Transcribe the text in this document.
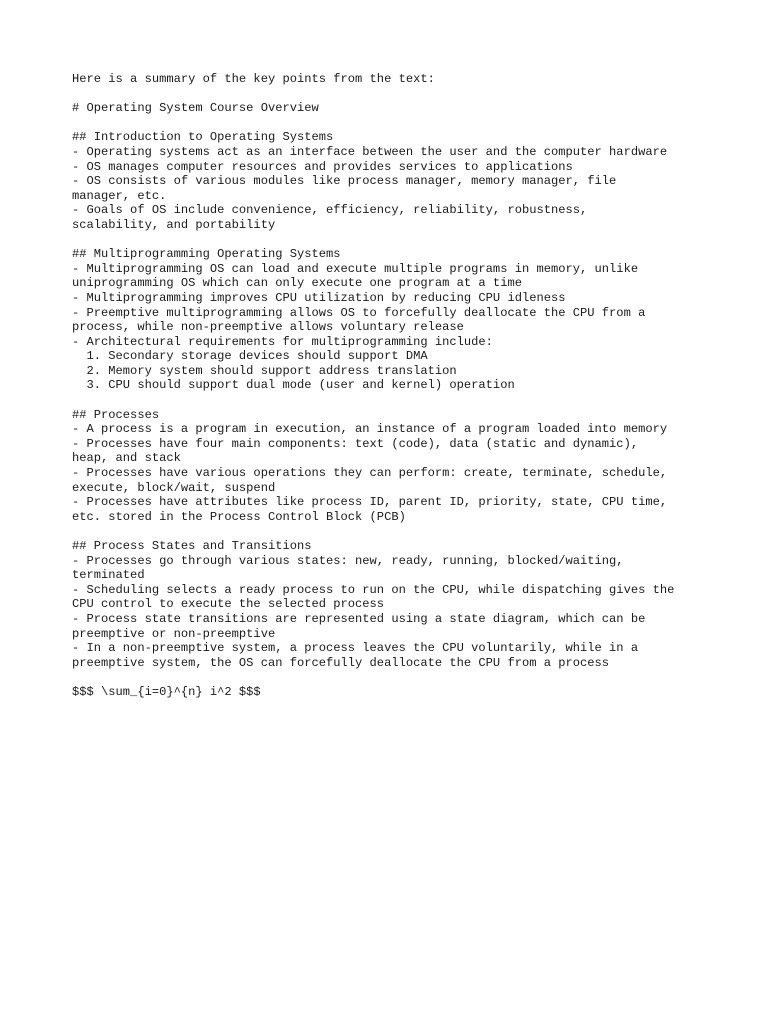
Here is a summary of the key points from the text:
# Operating System Course Overview
## Introduction to Operating Systems
- Operating systems act as an interface between the user and the computer hardware
- OS manages computer resources and provides services to applications
- OS consists of various modules like process manager, memory manager, file
manager, etc.
- Goals of OS include convenience, efficiency, reliability, robustness,
scalability, and portability
## Multiprogramming Operating Systems
- Multiprogramming OS can load and execute multiple programs in memory, unlike
uniprogramming OS which can only execute one program at a time
- Multiprogramming improves CPU utilization by reducing CPU idleness
- Preemptive multiprogramming allows OS to forcefully deallocate the CPU from a
process, while non-preemptive allows voluntary release
- Architectural requirements for multiprogramming include:
1. Secondary storage devices should support DMA
2. Memory system should support address translation
3. CPU should support dual mode (user and kernel) operation
## Processes
- A process is a program in execution, an instance of a program loaded into memory
- Processes have four main components: text (code), data (static and dynamic),
heap, and stack
- Processes have various operations they can perform: create, terminate, schedule,
execute, block/wait, suspend
- Processes have attributes like process ID, parent ID, priority, state, CPU time,
etc. stored in the Process Control Block (PCB)
## Process States and Transitions
- Processes go through various states: new, ready, running, blocked/waiting,
terminated
- Scheduling selects a ready process to run on the CPU, while dispatching gives the
CPU control to execute the selected process
- Process state transitions are represented using a state diagram, which can be
preemptive or non-preemptive
- In a non-preemptive system, a process leaves the CPU voluntarily, while in a
preemptive system, the OS can forcefully deallocate the CPU from a process
$$$ \sum_{i=0}^{n} i^2 $$$
